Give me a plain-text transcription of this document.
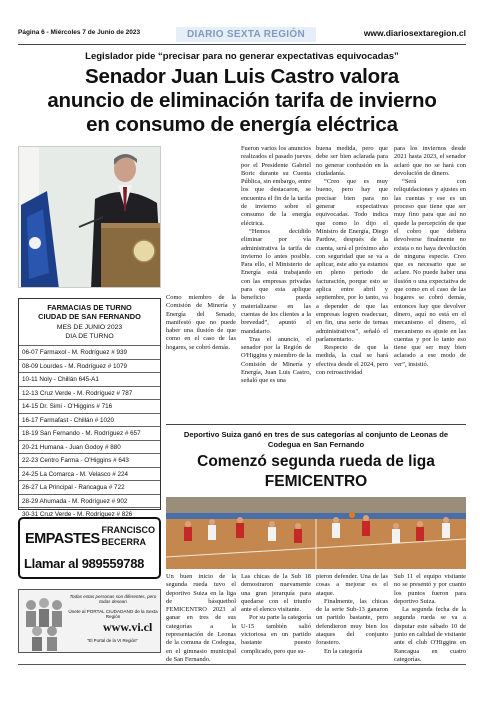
Página 6 - Miércoles 7 de Junio de 2023	DIARIO SEXTA REGIÓN	www.diariosextaregion.cl
Legislador pide “precisar para no generar expectativas equivocadas”
Senador Juan Luis Castro valora
anuncio de eliminación tarifa de invierno
en consumo de energía eléctrica
Como miembro de la Comisión de Minería y Energía del Senado, manifestó que no puede haber una ilusión de que como en el caso de las hogares, se cobró demás.

Fueron varios los anuncios realizados el pasado jueves por el Presidente Gabriel Boric durante su Cuenta Pública, sin embargo, entre los que destacaron, se encuentra el fin de la tarifa de invierno sobre el consumo de la energía eléctrica.

“Hemos decidido eliminar por vía administrativa la tarifa de invierno lo antes posible. Para ello, el Ministerio de Energía está trabajando con las empresas privadas para que esta aplique beneficio pueda materializarse en las cuentas de los clientes a la brevedad”, apuntó el mandatario.

Tras el anuncio, el senador por la Región de O'Higgins y miembro de la Comisión de Minería y Energía, Juan Luis Castro, señaló que es una

buena medida, pero que debe ser bien aclarada para no generar confusión en la ciudadanía.

“Creo que es muy bueno, pero hay que precisar bien para no generar expectativas equivocadas. Todo indica que como lo dijo el Ministro de Energía, Diego Pardow, después de la cuenta, será el próximo año con seguridad que se va a aplicar, este año ya estamos en pleno periodo de facturación, porque esto se aplica entre abril y septiembre, por lo tanto, va a depender de que las empresas logren readecuar, en fin, una serie de temas administrativos”, señaló el parlamentario.

Respecto de que la medida, la cual se hará efectiva desde el 2024, pero con retroactividad

para los inviernos desde 2021 hasta 2023, el senador aclaró que no se hará con devolución de dinero.

“Será con reliquidaciones y ajustes en las cuentas y ese es un proceso que tiene que ser muy fino para que así no quede la percepción de que el cobro que debiera devolverse finalmente no exista o no haya devolución de ninguna especie. Creo que es necesario que se aclare. No puede haber una ilusión o una expectativa de que como en el caso de las hogares se cobró demás, entonces hay que devolver dinero, aquí no está en el mecanismo el dinero, el mecanismo es ajuste en las cuentas y por lo tanto eso tiene que ser muy bien aclarado a ese modo de ver”, insistió.

FARMACIAS DE TURNO
CIUDAD DE SAN FERNANDO
MES DE JUNIO 2023
DIA DE TURNO
06-07 Farmaxol - M. Rodríguez # 939
08-09 Lourdes - M. Rodríguez # 1079
10-11 Noly - Chillán 645-A1
12-13 Cruz Verde - M. Rodríguez # 787
14-15 Dr. Simi - O'Higgins # 716
16-17 Farmafast - Chillán # 1020
18-19 San Fernando - M. Rodríguez # 657
20-21 Humana - Juan Godoy # 880
22-23 Centro Farma - O'Higgins # 643
24-25 La Comarca - M. Velasco # 224
26-27 La Principal - Rancagua # 722
28-29 Ahumada - M. Rodríguez # 902
30-31 Cruz Verde - M. Rodríguez # 826
EMPASTES
FRANCISCO
BECERRA
Llamar al 989559788
Todas estas personas son diferentes, pero todas desean
Únete al PORTAL CIUDADANO de la Sexta Región
www.vi.cl
"El Portal de la VI Región"
Deportivo Suiza ganó en tres de sus categorías al conjunto de Leonas de
Codegua en San Fernando
Comenzó segunda rueda de liga
FEMICENTRO

Un buen inicio de la segunda rueda tuvo el deportivo Suiza en la liga de básquetbol FEMICENTRO 2023 al ganar en tres de sus categorías a la representación de Leonas de la comuna de Codegua, en el gimnasio municipal de San Fernando.

Las chicas de la Sub 18 demostraron nuevamente una gran jerarquía para quedarse con el triunfo ante el elenco visitante.

Por su parte la categoría U-15 también salió victoriosa en un partido bastante puesto complicado, pero que su-

pieron defender. Una de las cosas a mejorar es el ataque.

Finalmente, las chicas de la serie Sub-13 ganaron un partido bastante, pero defendieron muy bien los ataques del conjunto forastero.

En la categoría

Sub 11 el equipo visitante no se presentó y por cuanto los puntos fueron para deportivo Suiza.

La segunda fecha de la segunda rueda se va a disputar este sábado 10 de junio en calidad de visitante ante el club O'Higgins en Rancagua en cuatro categorías.
